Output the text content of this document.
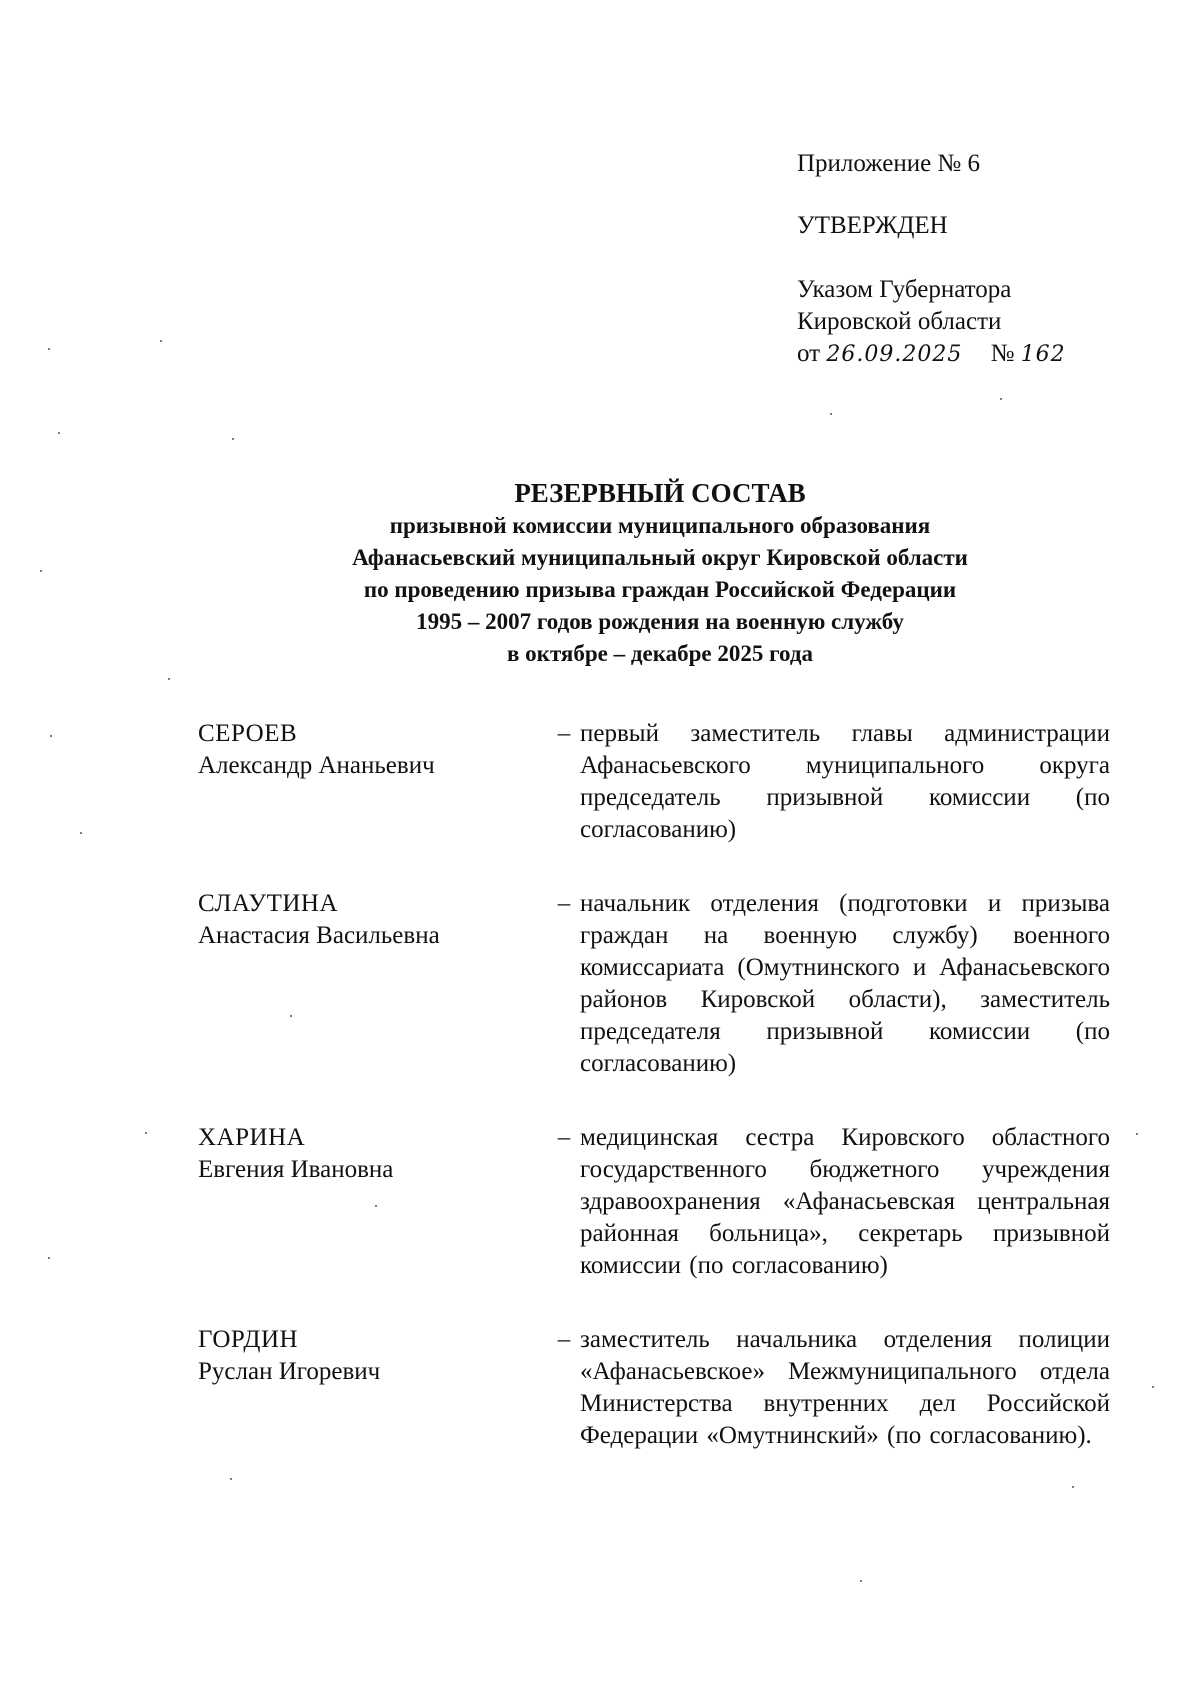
Приложение № 6
УТВЕРЖДЕН
Указом Губернатора
Кировской области
от 26.09.2025 № 162
РЕЗЕРВНЫЙ СОСТАВ
призывной комиссии муниципального образования
Афанасьевский муниципальный округ Кировской области
по проведению призыва граждан Российской Федерации
1995 – 2007 годов рождения на военную службу
в октябре – декабре 2025 года
СЕРОЕВ
Александр Ананьевич
– первый заместитель главы администрации Афанасьевского муниципального округа председатель призывной комиссии (по согласованию)
СЛАУТИНА
Анастасия Васильевна
– начальник отделения (подготовки и призыва граждан на военную службу) военного комиссариата (Омутнинского и Афанасьевского районов Кировской области), заместитель председателя призывной комиссии (по согласованию)
ХАРИНА
Евгения Ивановна
– медицинская сестра Кировского областного государственного бюджетного учреждения здравоохранения «Афанасьевская центральная районная больница», секретарь призывной комиссии (по согласованию)
ГОРДИН
Руслан Игоревич
– заместитель начальника отделения полиции «Афанасьевское» Межмуниципального отдела Министерства внутренних дел Российской Федерации «Омутнинский» (по согласованию).
